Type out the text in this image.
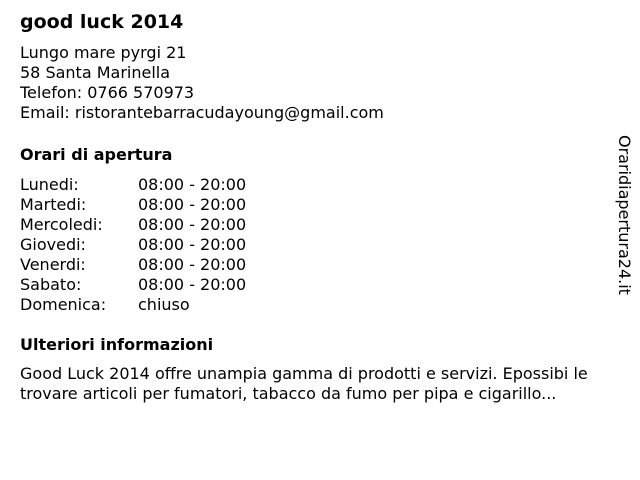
good luck 2014
Lungo mare pyrgi 21
58 Santa Marinella
Telefon: 0766 570973
Email: ristorantebarracudayoung@gmail.com
Orari di apertura
Lunedi:	08:00 - 20:00
Martedi:	08:00 - 20:00
Mercoledi:	08:00 - 20:00
Giovedi:	08:00 - 20:00
Venerdi:	08:00 - 20:00
Sabato:	08:00 - 20:00
Domenica:	chiuso
Ulteriori informazioni
Good Luck 2014 offre unampia gamma di prodotti e servizi. Epossibi le trovare articoli per fumatori, tabacco da fumo per pipa e cigarillo...
Oraridiapertura24.it
